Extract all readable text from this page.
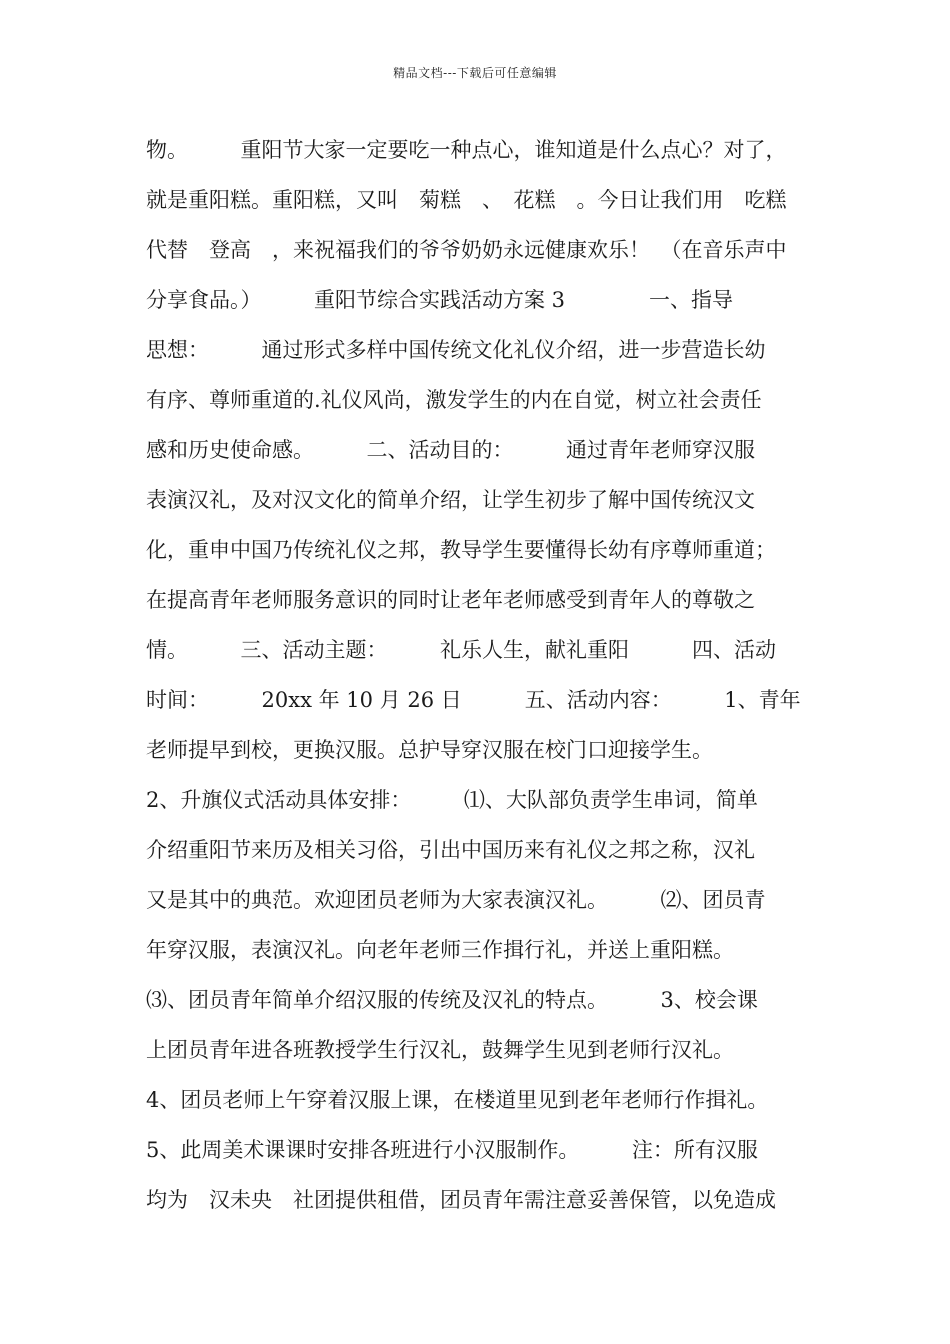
精品文档---下载后可任意编辑
物。　　　重阳节大家一定要吃一种点心，谁知道是什么点心？对了，
就是重阳糕。重阳糕，又叫　菊糕　、　花糕　。今日让我们用　吃糕
代替　登高　，来祝福我们的爷爷奶奶永远健康欢乐！　（在音乐声中
分享食品。）　　　重阳节综合实践活动方案 3　　　　一、指导
思想：　　　通过形式多样中国传统文化礼仪介绍，进一步营造长幼
有序、尊师重道的.礼仪风尚，激发学生的内在自觉，树立社会责任
感和历史使命感。　　　二、活动目的：　　　通过青年老师穿汉服
表演汉礼，及对汉文化的简单介绍，让学生初步了解中国传统汉文
化，重申中国乃传统礼仪之邦，教导学生要懂得长幼有序尊师重道；
在提高青年老师服务意识的同时让老年老师感受到青年人的尊敬之
情。　　　三、活动主题：　　　礼乐人生，献礼重阳　　　四、活动
时间：　　　20xx 年 10 月 26 日　　　五、活动内容：　　　1、青年
老师提早到校，更换汉服。总护导穿汉服在校门口迎接学生。
2、升旗仪式活动具体安排：　　　⑴、大队部负责学生串词，简单
介绍重阳节来历及相关习俗，引出中国历来有礼仪之邦之称，汉礼
又是其中的典范。欢迎团员老师为大家表演汉礼。　　　⑵、团员青
年穿汉服，表演汉礼。向老年老师三作揖行礼，并送上重阳糕。
⑶、团员青年简单介绍汉服的传统及汉礼的特点。　　　3、校会课
上团员青年进各班教授学生行汉礼，鼓舞学生见到老师行汉礼。
4、团员老师上午穿着汉服上课，在楼道里见到老年老师行作揖礼。
5、此周美术课课时安排各班进行小汉服制作。　　　注：所有汉服
均为　汉未央　社团提供租借，团员青年需注意妥善保管，以免造成
